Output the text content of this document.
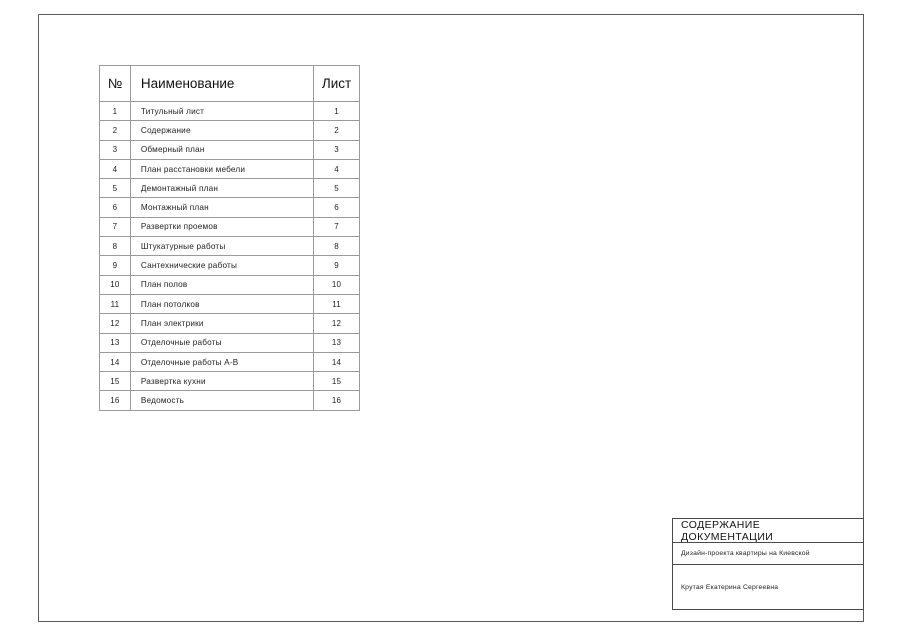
№	Наименование	Лист
1	Титульный лист	1
2	Содержание	2
3	Обмерный план	3
4	План расстановки мебели	4
5	Демонтажный план	5
6	Монтажный план	6
7	Развертки проемов	7
8	Штукатурные работы	8
9	Сантехнические работы	9
10	План полов	10
11	План потолков	11
12	План электрики	12
13	Отделочные работы	13
14	Отделочные работы А-В	14
15	Развертка кухни	15
16	Ведомость	16
СОДЕРЖАНИЕ ДОКУМЕНТАЦИИ
Дизайн-проекта квартиры на Киевской
Крутая Екатерина Сергеевна
